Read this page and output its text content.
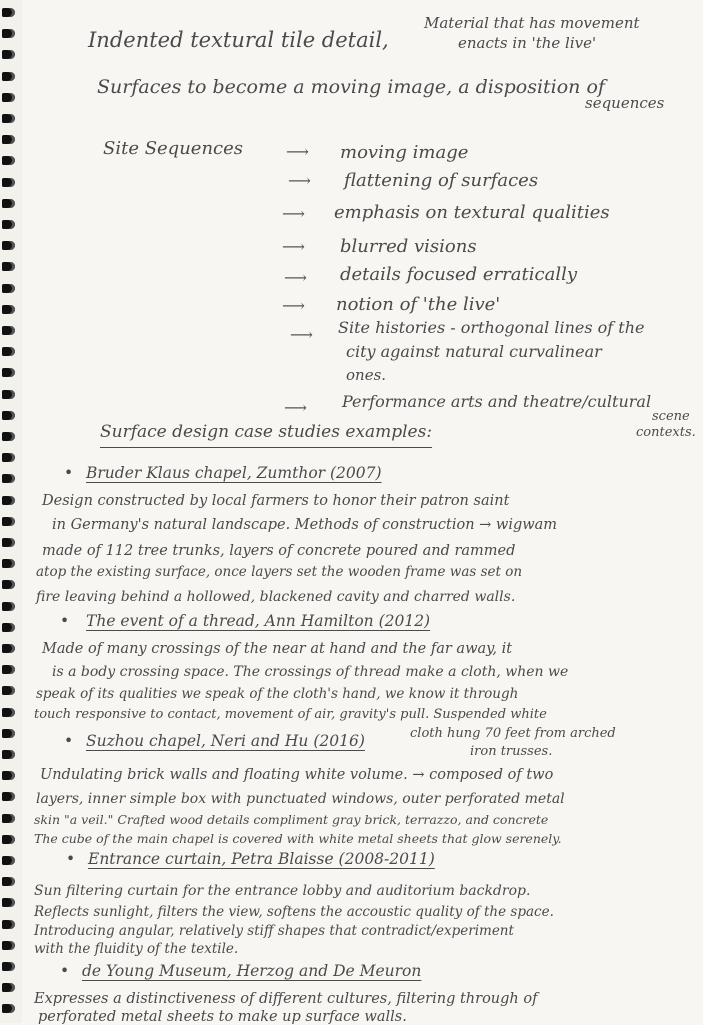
Indented textural tile detail,
Material that has movement
enacts in 'the live'
Surfaces to become a moving image, a disposition of
sequences
Site Sequences	⟶ moving image
⟶ flattening of surfaces
⟶ emphasis on textural qualities
⟶ blurred visions
⟶ details focused erratically
⟶ notion of 'the live'
⟶ Site histories - orthogonal lines of the
city against natural curvalinear
ones.
⟶ Performance arts and theatre/cultural
scene
contexts.
Surface design case studies examples:
• Bruder Klaus chapel, Zumthor (2007)
Design constructed by local farmers to honor their patron saint
in Germany's natural landscape. Methods of construction → wigwam
made of 112 tree trunks, layers of concrete poured and rammed
atop the existing surface, once layers set the wooden frame was set on
fire leaving behind a hollowed, blackened cavity and charred walls.
• The event of a thread, Ann Hamilton (2012)
Made of many crossings of the near at hand and the far away, it
is a body crossing space. The crossings of thread make a cloth, when we
speak of its qualities we speak of the cloth's hand, we know it through
touch responsive to contact, movement of air, gravity's pull. Suspended white
cloth hung 70 feet from arched
iron trusses.
• Suzhou chapel, Neri and Hu (2016)
Undulating brick walls and floating white volume. → composed of two
layers, inner simple box with punctuated windows, outer perforated metal
skin "a veil." Crafted wood details compliment gray brick, terrazzo, and concrete
The cube of the main chapel is covered with white metal sheets that glow serenely.
• Entrance curtain, Petra Blaisse (2008-2011)
Sun filtering curtain for the entrance lobby and auditorium backdrop.
Reflects sunlight, filters the view, softens the accoustic quality of the space.
Introducing angular, relatively stiff shapes that contradict/experiment
with the fluidity of the textile.
• de Young Museum, Herzog and De Meuron
Expresses a distinctiveness of different cultures, filtering through of
perforated metal sheets to make up surface walls.
